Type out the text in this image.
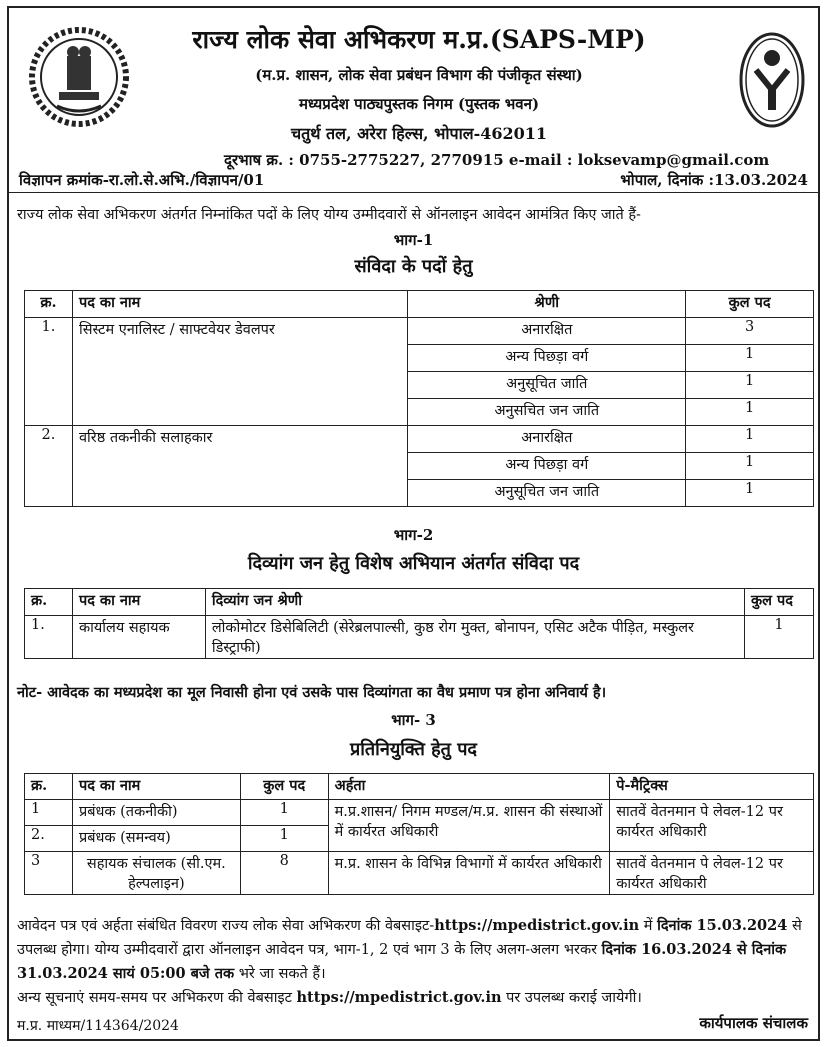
राज्य लोक सेवा अभिकरण म.प्र.(SAPS-MP)
(म.प्र. शासन, लोक सेवा प्रबंधन विभाग की पंजीकृत संस्था)
मध्यप्रदेश पाठ्यपुस्तक निगम (पुस्तक भवन)
चतुर्थ तल, अरेरा हिल्स, भोपाल-462011
दूरभाष क्र. : 0755-2775227, 2770915 e-mail : loksevamp@gmail.com
विज्ञापन क्रमांक-रा.लो.से.अभि./विज्ञापन/01	भोपाल, दिनांक :13.03.2024
राज्य लोक सेवा अभिकरण अंतर्गत निम्नांकित पदों के लिए योग्य उम्मीदवारों से ऑनलाइन आवेदन आमंत्रित किए जाते हैं-
भाग-1
संविदा के पदों हेतु
क्र.	पद का नाम	श्रेणी	कुल पद
1.	सिस्टम एनालिस्ट / साफ्टवेयर डेवलपर	अनारक्षित	3
		अन्य पिछड़ा वर्ग	1
		अनुसूचित जाति	1
		अनुसचित जन जाति	1
2.	वरिष्ठ तकनीकी सलाहकार	अनारक्षित	1
		अन्य पिछड़ा वर्ग	1
		अनुसूचित जन जाति	1
भाग-2
दिव्यांग जन हेतु विशेष अभियान अंतर्गत संविदा पद
क्र.	पद का नाम	दिव्यांग जन श्रेणी	कुल पद
1.	कार्यालय सहायक	लोकोमोटर डिसेबिलिटी (सेरेब्रलपाल्सी, कुष्ठ रोग मुक्त, बोनापन, एसिट अटैक पीड़ित, मस्कुलर डिस्ट्राफी)	1
नोट- आवेदक का मध्यप्रदेश का मूल निवासी होना एवं उसके पास दिव्यांगता का वैध प्रमाण पत्र होना अनिवार्य है।
भाग- 3
प्रतिनियुक्ति हेतु पद
क्र.	पद का नाम	कुल पद	अर्हता	पे-मैट्रिक्स
1	प्रबंधक (तकनीकी)	1	म.प्र.शासन/ निगम मण्डल/म.प्र. शासन की संस्थाओं में कार्यरत अधिकारी	सातवें वेतनमान पे लेवल-12 पर कार्यरत अधिकारी
2.	प्रबंधक (समन्वय)	1		
3	सहायक संचालक (सी.एम. हेल्पलाइन)	8	म.प्र. शासन के विभिन्न विभागों में कार्यरत अधिकारी	सातवें वेतनमान पे लेवल-12 पर कार्यरत अधिकारी
आवेदन पत्र एवं अर्हता संबंधित विवरण राज्य लोक सेवा अभिकरण की वेबसाइट-https://mpedistrict.gov.in में दिनांक 15.03.2024 से उपलब्ध होगा। योग्य उम्मीदवारों द्वारा ऑनलाइन आवेदन पत्र, भाग-1, 2 एवं भाग 3 के लिए अलग-अलग भरकर दिनांक 16.03.2024 से दिनांक 31.03.2024 सायं 05:00 बजे तक भरे जा सकते हैं।
अन्य सूचनाएं समय-समय पर अभिकरण की वेबसाइट https://mpedistrict.gov.in पर उपलब्ध कराई जायेगी।
म.प्र. माध्यम/114364/2024	कार्यपालक संचालक
